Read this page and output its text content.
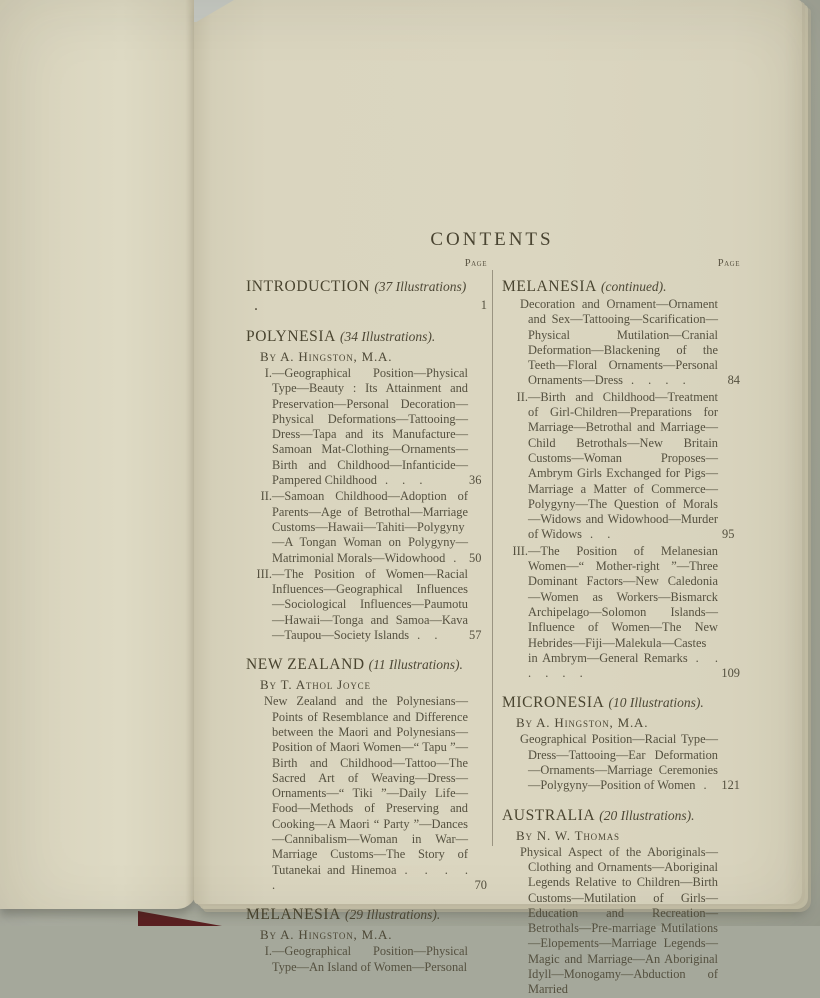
CONTENTS
Page
INTRODUCTION (37 Illustrations) .	1
POLYNESIA (34 Illustrations).
By A. Hingston, M.A.
I.—Geographical Position—Physical Type—Beauty : Its Attainment and Preservation—Personal Decoration—Physical Deformations—Tattooing—Dress—Tapa and its Manufacture—Samoan Mat-Clothing—Ornaments—Birth and Childhood—Infanticide—Pampered Childhood . . .	36
II.—Samoan Childhood—Adoption of Parents—Age of Betrothal—Marriage Customs—Hawaii—Tahiti—Polygyny—A Tongan Woman on Polygyny—Matrimonial Morals—Widowhood . 50
III.—The Position of Women—Racial Influences—Geographical Influences—Sociological Influences—Paumotu—Hawaii—Tonga and Samoa—Kava—Taupou—Society Islands . .	57
NEW ZEALAND (11 Illustrations).
By T. Athol Joyce
New Zealand and the Polynesians—Points of Resemblance and Difference between the Maori and Polynesians—Position of Maori Women—“ Tapu ”—Birth and Childhood—Tattoo—The Sacred Art of Weaving—Dress—Ornaments—“ Tiki ”—Daily Life—Food—Methods of Preserving and Cooking—A Maori “ Party ”—Dances—Cannibalism—Woman in War—Marriage Customs—The Story of Tutanekai and Hinemoa . . . . .	70
MELANESIA (29 Illustrations).
By A. Hingston, M.A.
I.—Geographical Position—Physical Type—An Island of Women—Personal
Page
MELANESIA (continued).
Decoration and Ornament—Ornament and Sex—Tattooing—Scarification—Physical Mutilation—Cranial Deformation—Blackening of the Teeth—Floral Ornaments—Personal Ornaments—Dress . . . .	84
II.—Birth and Childhood—Treatment of Girl-Children—Preparations for Marriage—Betrothal and Marriage—Child Betrothals—New Britain Customs—Woman Proposes—Ambrym Girls Exchanged for Pigs—Marriage a Matter of Commerce—Polygyny—The Question of Morals—Widows and Widowhood—Murder of Widows . .	95
III.—The Position of Melanesian Women—“ Mother-right ”—Three Dominant Factors—New Caledonia—Women as Workers—Bismarck Archipelago—Solomon Islands—Influence of Women—The New Hebrides—Fiji—Malekula—Castes in Ambrym—General Remarks . . . . . .	109
MICRONESIA (10 Illustrations).
By A. Hingston, M.A.
Geographical Position—Racial Type—Dress—Tattooing—Ear Deformation—Ornaments—Marriage Ceremonies—Polygyny—Position of Women . 121
AUSTRALIA (20 Illustrations).
By N. W. Thomas
Physical Aspect of the Aboriginals—Clothing and Ornaments—Aboriginal Legends Relative to Children—Birth Customs—Mutilation of Girls—Education and Recreation—Betrothals—Pre-marriage Mutilations—Elopements—Marriage Legends—Magic and Marriage—An Aboriginal Idyll—Monogamy—Abduction of Married
